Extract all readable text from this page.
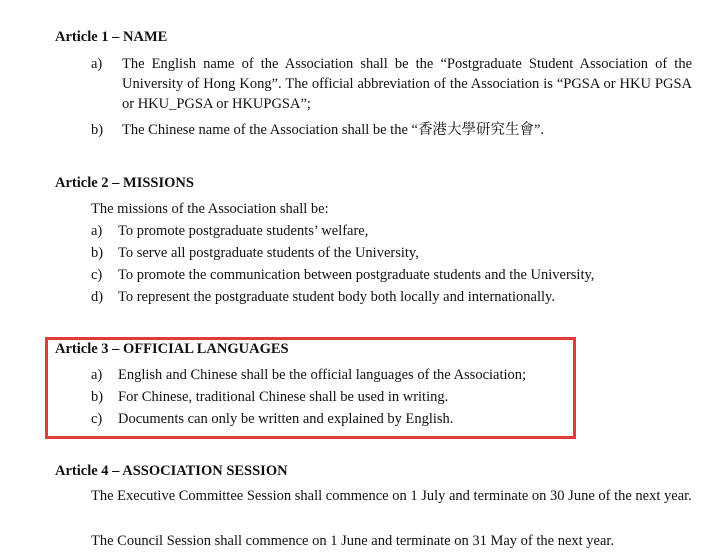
Article 1 – NAME
a) The English name of the Association shall be the “Postgraduate Student Association of the University of Hong Kong”. The official abbreviation of the Association is “PGSA or HKU PGSA or HKU_PGSA or HKUPGSA”;
b) The Chinese name of the Association shall be the “香港大學研究生會”.
Article 2 – MISSIONS
The missions of the Association shall be:
a) To promote postgraduate students’ welfare,
b) To serve all postgraduate students of the University,
c) To promote the communication between postgraduate students and the University,
d) To represent the postgraduate student body both locally and internationally.
Article 3 – OFFICIAL LANGUAGES
a) English and Chinese shall be the official languages of the Association;
b) For Chinese, traditional Chinese shall be used in writing.
c) Documents can only be written and explained by English.
Article 4 – ASSOCIATION SESSION
The Executive Committee Session shall commence on 1 July and terminate on 30 June of the next year.
The Council Session shall commence on 1 June and terminate on 31 May of the next year.
